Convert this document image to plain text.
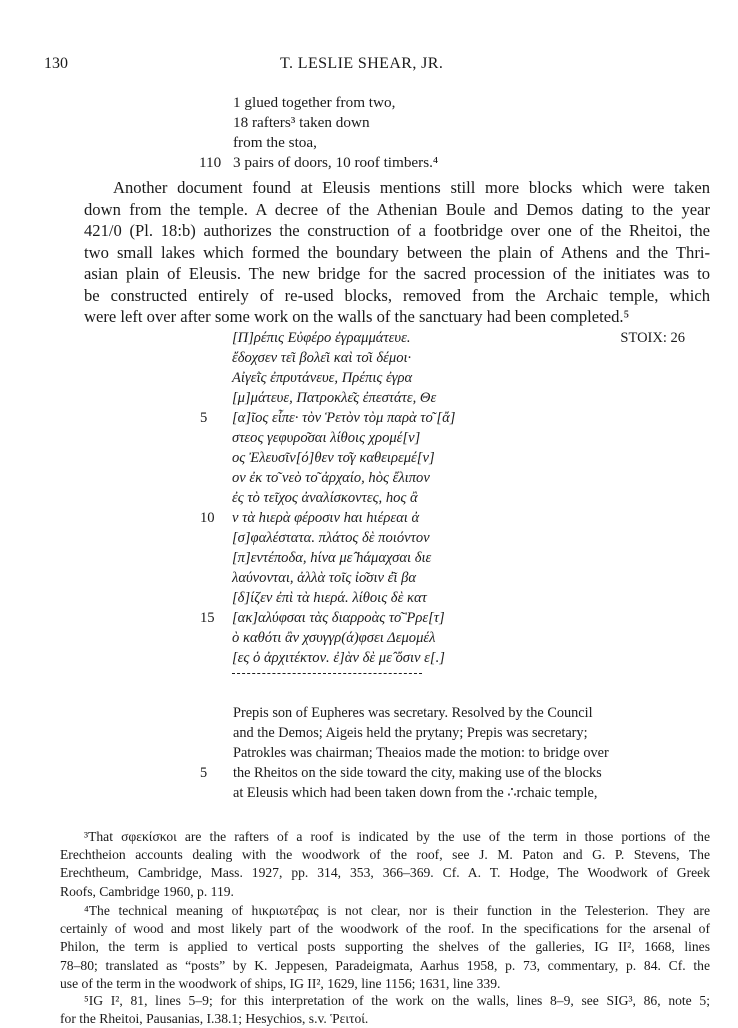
130	T. LESLIE SHEAR, JR.
1 glued together from two,
18 rafters³ taken down
from the stoa,
110 3 pairs of doors, 10 roof timbers.⁴
Another document found at Eleusis mentions still more blocks which were taken
down from the temple. A decree of the Athenian Boule and Demos dating to the year
421/0 (Pl. 18:b) authorizes the construction of a footbridge over one of the Rheitoi, the
two small lakes which formed the boundary between the plain of Athens and the Thri-
asian plain of Eleusis. The new bridge for the sacred procession of the initiates was to
be constructed entirely of re-used blocks, removed from the Archaic temple, which
were left over after some work on the walls of the sanctuary had been completed.⁵
STOIX: 26
[Π]ρέπις Εὐφέρο ἐγραμμάτευε.
ἔδοχσεν τε͂ι βολε͂ι καὶ το͂ι δέμοι·
Αἰγεῒς ἐπρυτάνευε, Πρέπις ἐγρα
[μ]μάτευε, Πατροκλε͂ς ἐπεστάτε, Θε
5 [α]ῖος εἶπε· τὸν Ῥετὸν τὸμ παρὰ το͂ [ἄ]
στεος γεφυρο͂σαι λίθοις χρομέ[ν]
ος Ἐλευσῖν[ό]θεν το͂γ καθειρεμέ[ν]
ον ἐκ το͂ νεὸ το͂ ἀρχαίο, hὸς ἔλιπον
ἐς τὸ τεῖχος ἀναλίσκοντες, hος ἂ
10 ν τὰ hιερὰ φέροσιν hαι hιέρεαι ἀ
[σ]φαλέστατα. πλάτος δὲ ποιόντον
[π]εντέποδα, hίνα με̂ hάμαχσαι διε
λαύνονται, ἀλλὰ τοῖς ἰο͂σιν ἐ͂ι βα
[δ]ίζεν ἐπὶ τὰ hιερά. λίθοις δὲ κατ
15 [ακ]αλύφσαι τὰς διαρροὰς το͂ Ῥρε[τ]
ὸ καθότι ἂν χσυγγρ(ά)φσει Δεμομέλ
[ες ὁ ἀρχιτέκτον. ἐ]ὰν δὲ με̂ ὄσιν ε[.]
Prepis son of Eupheres was secretary. Resolved by the Council
and the Demos; Aigeis held the prytany; Prepis was secretary;
Patrokles was chairman; Theaios made the motion: to bridge over
5 the Rheitos on the side toward the city, making use of the blocks
at Eleusis which had been taken down from the ∴rchaic temple,
³That σφεκίσκοι are the rafters of a roof is indicated by the use of the term in those portions of the
Erechtheion accounts dealing with the woodwork of the roof, see J. M. Paton and G. P. Stevens, The
Erechtheum, Cambridge, Mass. 1927, pp. 314, 353, 366–369. Cf. A. T. Hodge, The Woodwork of Greek
Roofs, Cambridge 1960, p. 119.
⁴The technical meaning of hικριωτε̂ρας is not clear, nor is their function in the Telesterion. They are
certainly of wood and most likely part of the woodwork of the roof. In the specifications for the arsenal of
Philon, the term is applied to vertical posts supporting the shelves of the galleries, IG II², 1668, lines
78–80; translated as “posts” by K. Jeppesen, Paradeigmata, Aarhus 1958, p. 73, commentary, p. 84. Cf. the
use of the term in the woodwork of ships, IG II², 1629, line 1156; 1631, line 339.
⁵IG I², 81, lines 5–9; for this interpretation of the work on the walls, lines 8–9, see SIG³, 86, note 5;
for the Rheitoi, Pausanias, I.38.1; Hesychios, s.v. Ῥειτοί.
